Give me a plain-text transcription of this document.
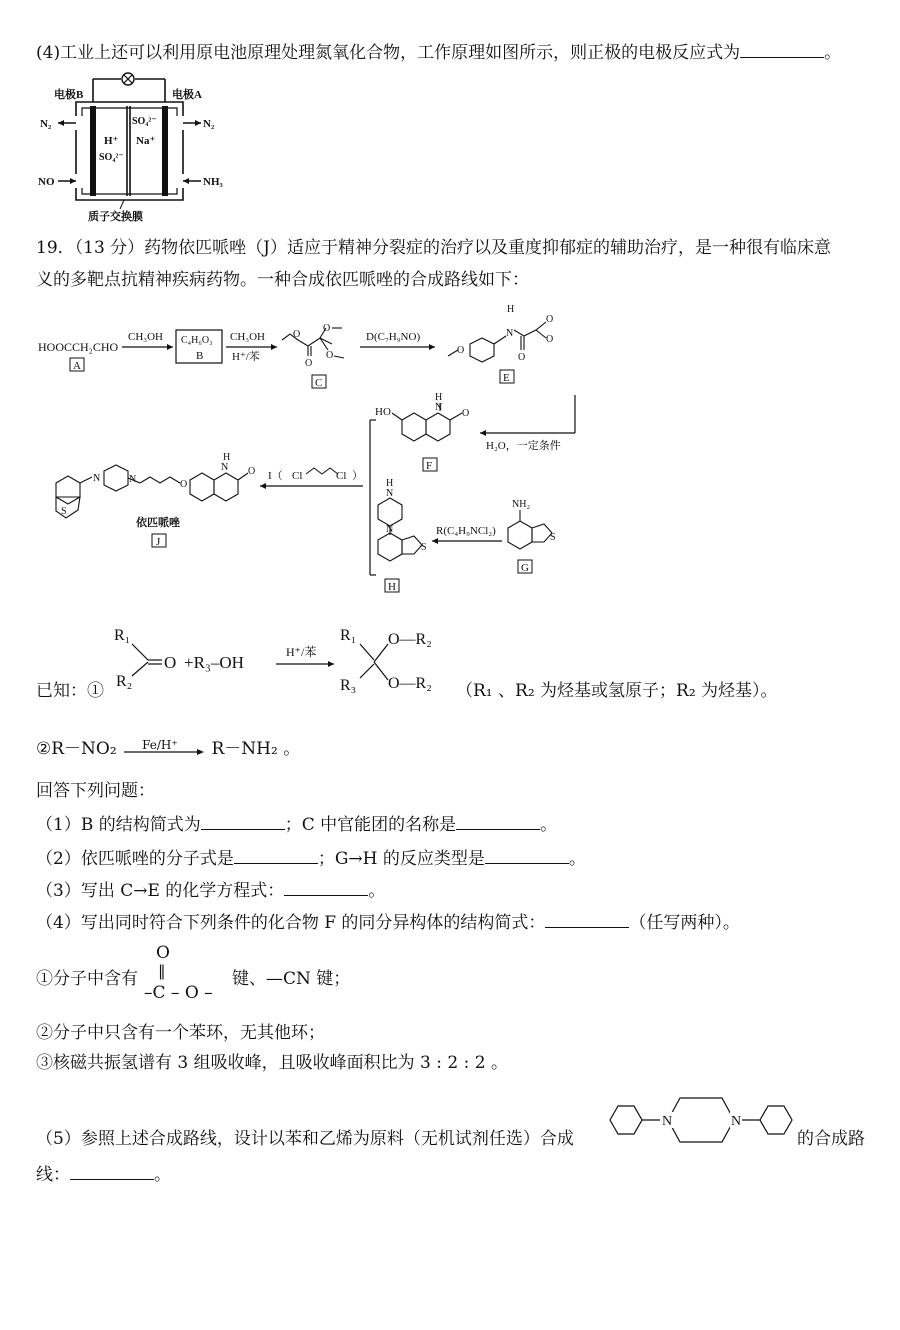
(4)工业上还可以利用原电池原理处理氮氧化合物，工作原理如图所示，则正极的电极反应式为	。
电极B	电极A
N₂
NO
N₂
NH₃
H⁺
SO₄²⁻
SO₄²⁻
Na⁺
质子交换膜
19．（13 分）药物依匹哌唑（J）适应于精神分裂症的治疗以及重度抑郁症的辅助治疗，是一种很有临床意
义的多靶点抗精神疾病药物。一种合成依匹哌唑的合成路线如下：
HOOCCH₂CHO
A
CH₃OH C₄H₆O₃
B
CH₃OH
H⁺/苯
O
O
O
O
C
D(C₇H₉NO)
O
N
H
O
O
O
E
H₂O，一定条件
HO	N
H
O
F
I（ Cl	Cl ）
S
N	N	O
N
H
O
依匹哌唑
J
N
H
N
S
H
R(C₄H₉NCl₂)
NH₂
S
G
已知：①
R₁
R₂
O +R₃‒OH
H⁺/苯
R₁
R₃
O—R₂
O—R₂ （R₁ 、R₂ 为烃基或氢原子；R₂ 为烃基）。
②R－NO₂ Fe/H⁺ R－NH₂ 。
回答下列问题：
（1）B 的结构简式为	；C 中官能团的名称是	。
（2）依匹哌唑的分子式是	；G→H 的反应类型是	。
（3）写出 C→E 的化学方程式：	。
（4）写出同时符合下列条件的化合物 F 的同分异构体的结构简式：	（任写两种）。
①分子中含有
O
‖
–C – O –
键、—CN 键；
②分子中只含有一个苯环，无其他环；
③核磁共振氢谱有 3 组吸收峰，且吸收峰面积比为 3 : 2 : 2 。
（5）参照上述合成路线，设计以苯和乙烯为原料（无机试剂任选）合成
N	N
的合成路
线：	。
